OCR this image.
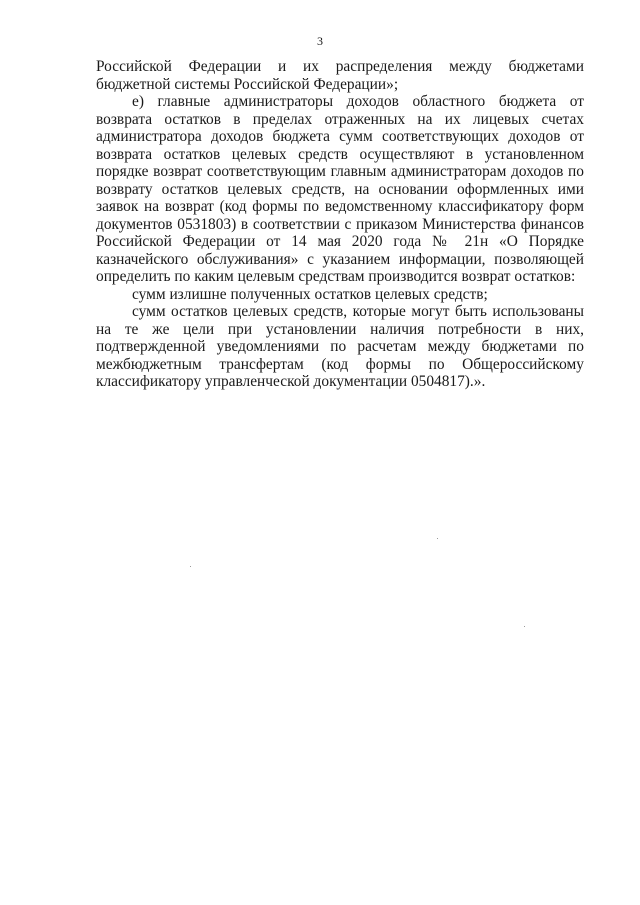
3

Российской Федерации и их распределения между бюджетами бюджетной системы Российской Федерации»;

е) главные администраторы доходов областного бюджета от возврата остатков в пределах отраженных на их лицевых счетах администратора доходов бюджета сумм соответствующих доходов от возврата остатков целевых средств осуществляют в установленном порядке возврат соответствующим главным администраторам доходов по возврату остатков целевых средств, на основании оформленных ими заявок на возврат (код формы по ведомственному классификатору форм документов 0531803) в соответствии с приказом Министерства финансов Российской Федерации от 14 мая 2020 года № 21н «О Порядке казначейского обслуживания» с указанием информации, позволяющей определить по каким целевым средствам производится возврат остатков:

сумм излишне полученных остатков целевых средств;

сумм остатков целевых средств, которые могут быть использованы на те же цели при установлении наличия потребности в них, подтвержденной уведомлениями по расчетам между бюджетами по межбюджетным трансфертам (код формы по Общероссийскому классификатору управленческой документации 0504817).».
